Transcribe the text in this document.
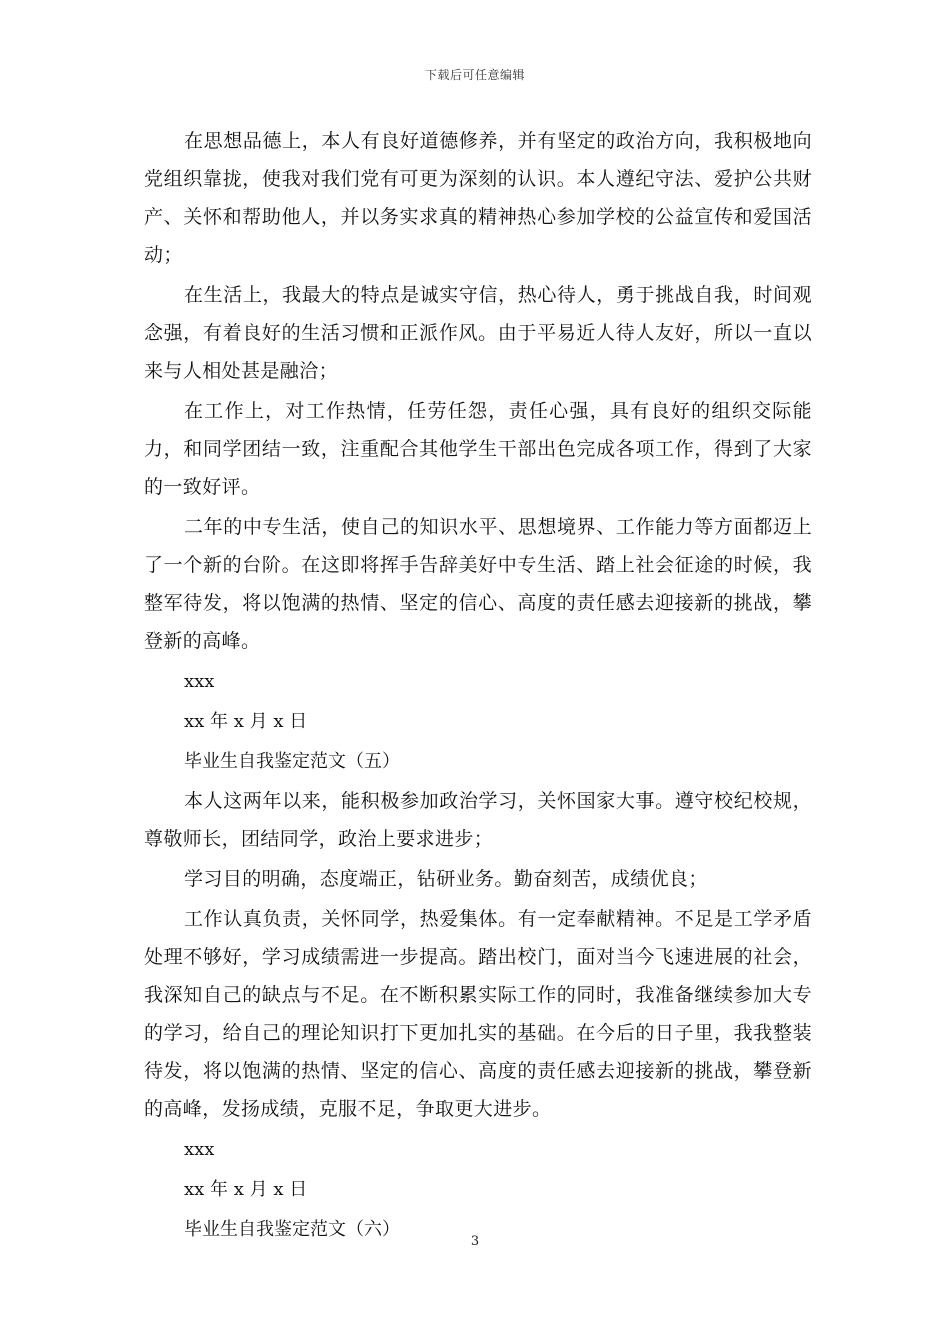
下载后可任意编辑

在思想品德上，本人有良好道德修养，并有坚定的政治方向，我积极地向党组织靠拢，使我对我们党有可更为深刻的认识。本人遵纪守法、爱护公共财产、关怀和帮助他人，并以务实求真的精神热心参加学校的公益宣传和爱国活动；

在生活上，我最大的特点是诚实守信，热心待人，勇于挑战自我，时间观念强，有着良好的生活习惯和正派作风。由于平易近人待人友好，所以一直以来与人相处甚是融洽；

在工作上，对工作热情，任劳任怨，责任心强，具有良好的组织交际能力，和同学团结一致，注重配合其他学生干部出色完成各项工作，得到了大家的一致好评。

二年的中专生活，使自己的知识水平、思想境界、工作能力等方面都迈上了一个新的台阶。在这即将挥手告辞美好中专生活、踏上社会征途的时候，我整军待发，将以饱满的热情、坚定的信心、高度的责任感去迎接新的挑战，攀登新的高峰。

xxx

xx 年 x 月 x 日

毕业生自我鉴定范文（五）

本人这两年以来，能积极参加政治学习，关怀国家大事。遵守校纪校规，尊敬师长，团结同学，政治上要求进步；

学习目的明确，态度端正，钻研业务。勤奋刻苦，成绩优良；

工作认真负责，关怀同学，热爱集体。有一定奉献精神。不足是工学矛盾处理不够好，学习成绩需进一步提高。踏出校门，面对当今飞速进展的社会，我深知自己的缺点与不足。在不断积累实际工作的同时，我准备继续参加大专的学习，给自己的理论知识打下更加扎实的基础。在今后的日子里，我我整装待发，将以饱满的热情、坚定的信心、高度的责任感去迎接新的挑战，攀登新的高峰，发扬成绩，克服不足，争取更大进步。

xxx

xx 年 x 月 x 日

毕业生自我鉴定范文（六）

3
